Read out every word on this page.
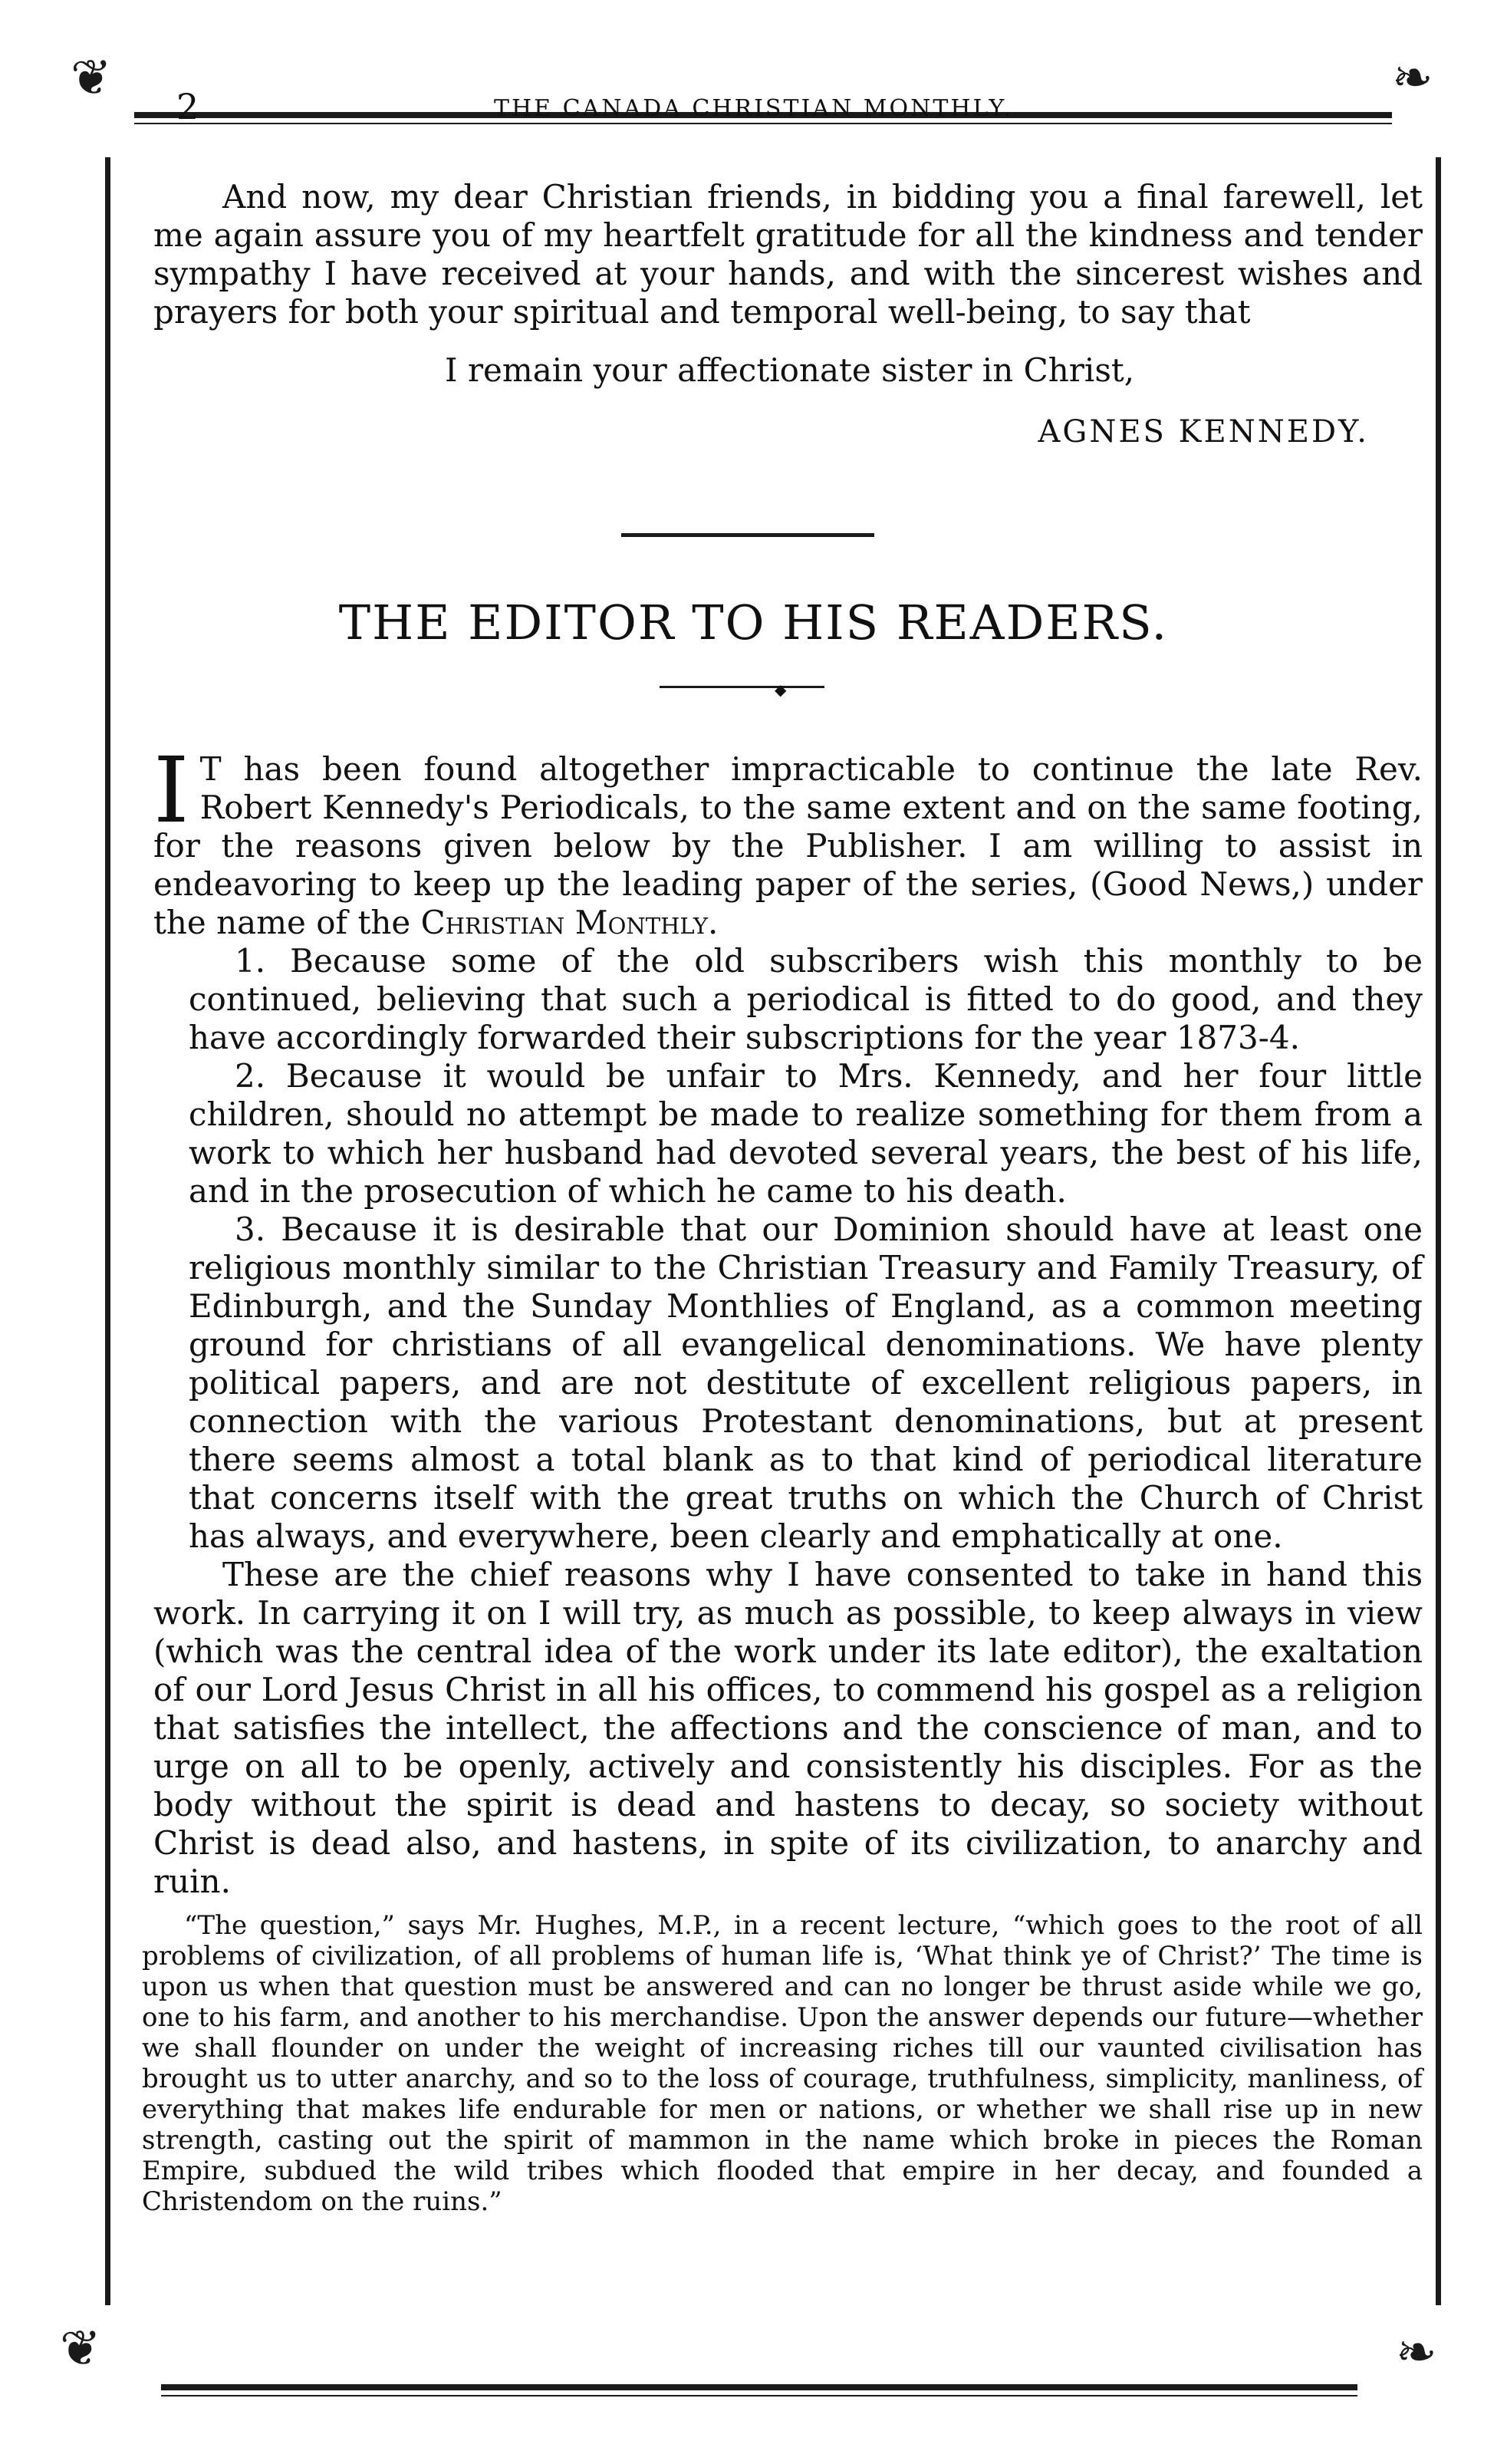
❦	❧
❦	❧
2	THE CANADA CHRISTIAN MONTHLY.

And now, my dear Christian friends, in bidding you a final farewell, let me again assure you of my heartfelt gratitude for all the kindness and tender sympathy I have received at your hands, and with the sincerest wishes and prayers for both your spiritual and temporal well-being, to say that

I remain your affectionate sister in Christ,
AGNES KENNEDY.
THE EDITOR TO HIS READERS.
◆

I T has been found altogether impracticable to continue the late Rev. Robert Kennedy's Periodicals, to the same extent and on the same footing, for the reasons given below by the Publisher. I am willing to assist in endeavoring to keep up the leading paper of the series, (Good News,) under the name of the Christian Monthly.

1. Because some of the old subscribers wish this monthly to be continued, believing that such a periodical is fitted to do good, and they have accordingly forwarded their subscriptions for the year 1873-4.

2. Because it would be unfair to Mrs. Kennedy, and her four little children, should no attempt be made to realize something for them from a work to which her husband had devoted several years, the best of his life, and in the prosecution of which he came to his death.

3. Because it is desirable that our Dominion should have at least one religious monthly similar to the Christian Treasury and Family Treasury, of Edinburgh, and the Sunday Monthlies of England, as a common meeting ground for christians of all evangelical denominations. We have plenty political papers, and are not destitute of excellent religious papers, in connection with the various Protestant denominations, but at present there seems almost a total blank as to that kind of periodical literature that concerns itself with the great truths on which the Church of Christ has always, and everywhere, been clearly and emphatically at one.

These are the chief reasons why I have consented to take in hand this work. In carrying it on I will try, as much as possible, to keep always in view (which was the central idea of the work under its late editor), the exaltation of our Lord Jesus Christ in all his offices, to commend his gospel as a religion that satisfies the intellect, the affections and the conscience of man, and to urge on all to be openly, actively and consistently his disciples. For as the body without the spirit is dead and hastens to decay, so society without Christ is dead also, and hastens, in spite of its civilization, to anarchy and ruin.

“The question,” says Mr. Hughes, M.P., in a recent lecture, “which goes to the root of all problems of civilization, of all problems of human life is, ‘What think ye of Christ?’ The time is upon us when that question must be answered and can no longer be thrust aside while we go, one to his farm, and another to his merchandise. Upon the answer depends our future—whether we shall flounder on under the weight of increasing riches till our vaunted civilisation has brought us to utter anarchy, and so to the loss of courage, truthfulness, simplicity, manliness, of everything that makes life endurable for men or nations, or whether we shall rise up in new strength, casting out the spirit of mammon in the name which broke in pieces the Roman Empire, subdued the wild tribes which flooded that empire in her decay, and founded a Christendom on the ruins.”
